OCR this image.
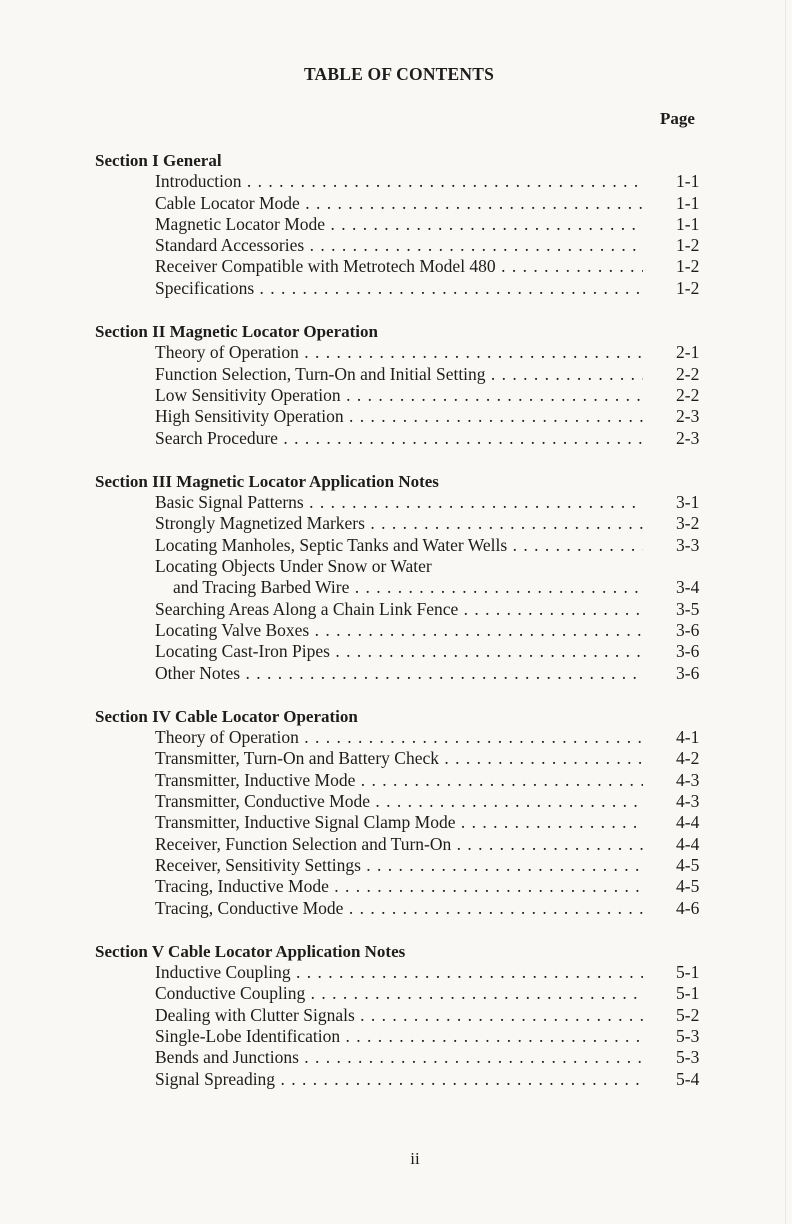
TABLE OF CONTENTS
Page
Section I General
Introduction . . .	1-1
Cable Locator Mode . . .	1-1
Magnetic Locator Mode . . .	1-1
Standard Accessories . . .	1-2
Receiver Compatible with Metrotech Model 480 . . .	1-2
Specifications . . .	1-2
Section II Magnetic Locator Operation
Theory of Operation . . .	2-1
Function Selection, Turn-On and Initial Setting . . .	2-2
Low Sensitivity Operation . . .	2-2
High Sensitivity Operation . . .	2-3
Search Procedure . . .	2-3
Section III Magnetic Locator Application Notes
Basic Signal Patterns . . .	3-1
Strongly Magnetized Markers . . .	3-2
Locating Manholes, Septic Tanks and Water Wells . . .	3-3
Locating Objects Under Snow or Water
and Tracing Barbed Wire . . .	3-4
Searching Areas Along a Chain Link Fence . . .	3-5
Locating Valve Boxes . . .	3-6
Locating Cast-Iron Pipes . . .	3-6
Other Notes . . .	3-6
Section IV Cable Locator Operation
Theory of Operation . . .	4-1
Transmitter, Turn-On and Battery Check . . .	4-2
Transmitter, Inductive Mode . . .	4-3
Transmitter, Conductive Mode . . .	4-3
Transmitter, Inductive Signal Clamp Mode . . .	4-4
Receiver, Function Selection and Turn-On . . .	4-4
Receiver, Sensitivity Settings . . .	4-5
Tracing, Inductive Mode . . .	4-5
Tracing, Conductive Mode . . .	4-6
Section V Cable Locator Application Notes
Inductive Coupling . . .	5-1
Conductive Coupling . . .	5-1
Dealing with Clutter Signals . . .	5-2
Single-Lobe Identification . . .	5-3
Bends and Junctions . . .	5-3
Signal Spreading . . .	5-4
ii
